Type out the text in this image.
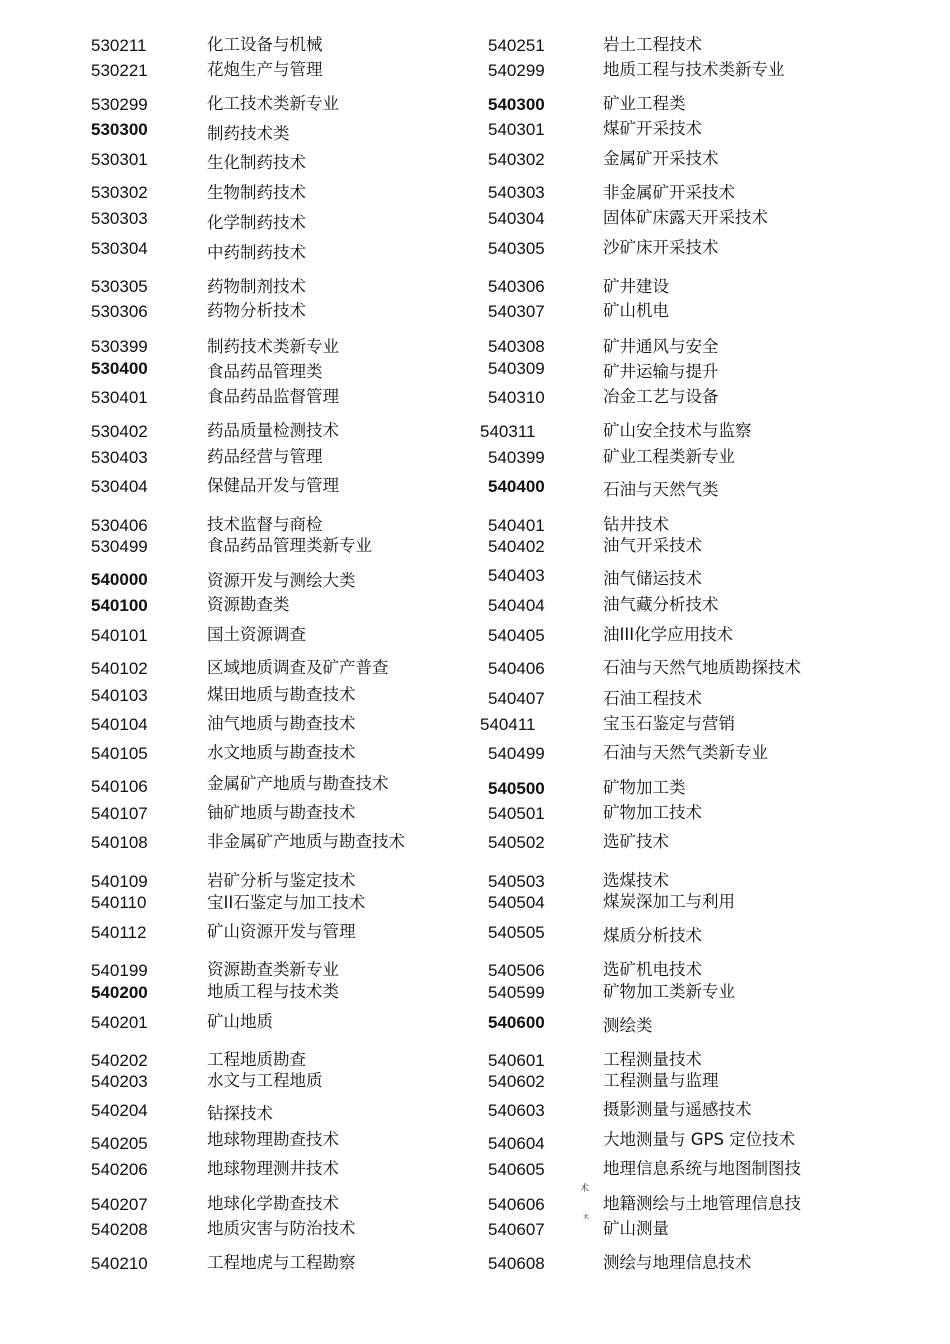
530211	化工设备与机械
530221	花炮生产与管理
530299	化工技术类新专业
530300	制药技术类
530301	生化制药技术
530302	生物制药技术
530303	化学制药技术
530304	中药制药技术
530305	药物制剂技术
530306	药物分析技术
530399	制药技术类新专业
530400	食品药品管理类
530401	食品药品监督管理
530402	药品质量检测技术
530403	药品经营与管理
530404	保健品开发与管理
530406	技术监督与商检
530499	食品药品管理类新专业
540000	资源开发与测绘大类
540100	资源勘查类
540101	国土资源调查
540102	区域地质调查及矿产普查
540103	煤田地质与勘查技术
540104	油气地质与勘查技术
540105	水文地质与勘查技术
540106	金属矿产地质与勘查技术
540107	铀矿地质与勘查技术
540108	非金属矿产地质与勘查技术
540109	岩矿分析与鉴定技术
540110	宝II石鉴定与加工技术
540112	矿山资源开发与管理
540199	资源勘查类新专业
540200	地质工程与技术类
540201	矿山地质
540202	工程地质勘查
540203	水文与工程地质
540204	钻探技术
540205	地球物理勘查技术
540206	地球物理测井技术
540207	地球化学勘查技术
540208	地质灾害与防治技术
540210	工程地虎与工程勘察
540251	岩土工程技术
540299	地质工程与技术类新专业
540300	矿业工程类
540301	煤矿开采技术
540302	金属矿开采技术
540303	非金属矿开采技术
540304	固体矿床露天开采技术
540305	沙矿床开采技术
540306	矿井建设
540307	矿山机电
540308	矿井通风与安全
540309	矿井运输与提升
540310	冶金工艺与设备
540311	矿山安全技术与监察
540399	矿业工程类新专业
540400	石油与天然气类
540401	钻井技术
540402	油气开采技术
540403	油气储运技术
540404	油气藏分析技术
540405	油III化学应用技术
540406	石油与天然气地质勘探技术
540407	石油工程技术
540411	宝玉石鉴定与营销
540499	石油与天然气类新专业
540500	矿物加工类
540501	矿物加工技术
540502	选矿技术
540503	选煤技术
540504	煤炭深加工与利用
540505	煤质分析技术
540506	选矿机电技术
540599	矿物加工类新专业
540600	测绘类
540601	工程测量技术
540602	工程测量与监理
540603	摄影测量与遥感技术
540604	大地测量与 GPS 定位技术
540605	地理信息系统与地图制图技
540606	地籍测绘与土地管理信息技
540607	矿山测量
540608	测绘与地理信息技术
术
术
